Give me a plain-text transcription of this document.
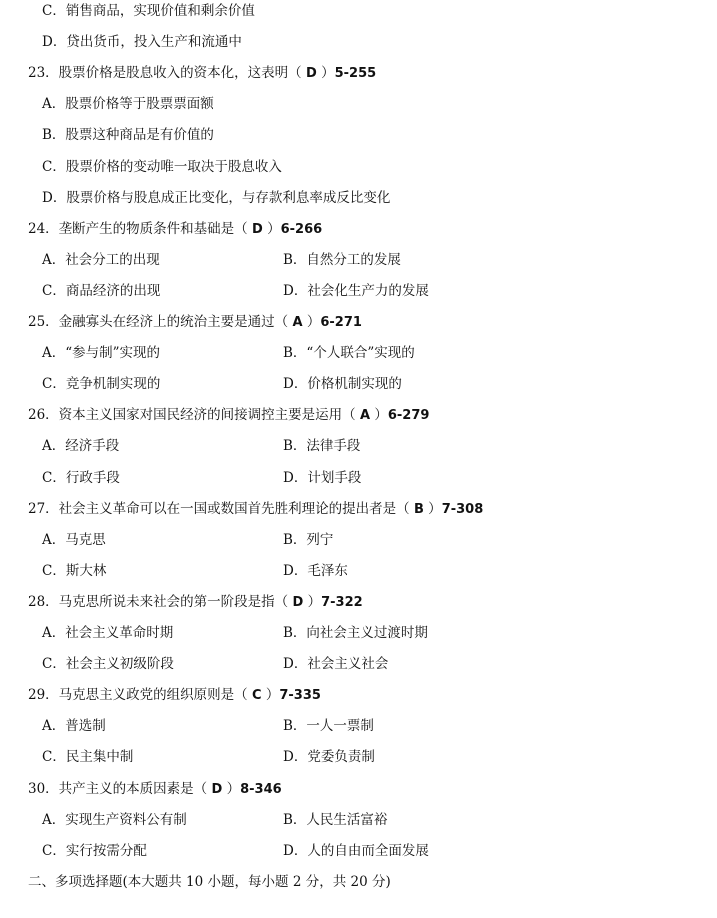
C．销售商品，实现价值和剩余价值
D．贷出货币，投入生产和流通中
23．股票价格是股息收入的资本化，这表明（ D ）5-255
A．股票价格等于股票票面额
B．股票这种商品是有价值的
C．股票价格的变动唯一取决于股息收入
D．股票价格与股息成正比变化，与存款利息率成反比变化
24．垄断产生的物质条件和基础是（ D ）6-266
A．社会分工的出现	B．自然分工的发展
C．商品经济的出现	D．社会化生产力的发展
25．金融寡头在经济上的统治主要是通过（ A ）6-271
A．“参与制”实现的	B．“个人联合”实现的
C．竞争机制实现的	D．价格机制实现的
26．资本主义国家对国民经济的间接调控主要是运用（ A ）6-279
A．经济手段	B．法律手段
C．行政手段	D．计划手段
27．社会主义革命可以在一国或数国首先胜利理论的提出者是（ B ）7-308
A．马克思	B．列宁
C．斯大林	D．毛泽东
28．马克思所说未来社会的第一阶段是指（ D ）7-322
A．社会主义革命时期	B．向社会主义过渡时期
C．社会主义初级阶段	D．社会主义社会
29．马克思主义政党的组织原则是（ C ）7-335
A．普选制	B．一人一票制
C．民主集中制	D．党委负责制
30．共产主义的本质因素是（ D ）8-346
A．实现生产资料公有制	B．人民生活富裕
C．实行按需分配	D．人的自由而全面发展
二、多项选择题(本大题共 10 小题，每小题 2 分，共 20 分)
